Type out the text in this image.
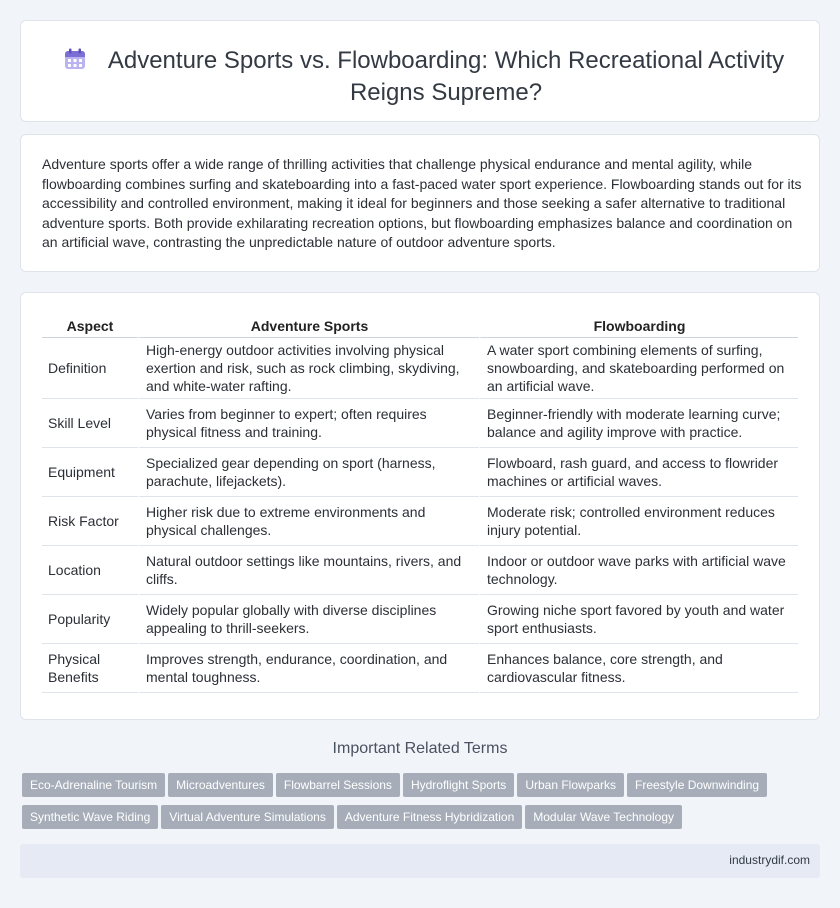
Adventure Sports vs. Flowboarding: Which Recreational Activity Reigns Supreme?

Adventure sports offer a wide range of thrilling activities that challenge physical endurance and mental agility, while flowboarding combines surfing and skateboarding into a fast-paced water sport experience. Flowboarding stands out for its accessibility and controlled environment, making it ideal for beginners and those seeking a safer alternative to traditional adventure sports. Both provide exhilarating recreation options, but flowboarding emphasizes balance and coordination on an artificial wave, contrasting the unpredictable nature of outdoor adventure sports.

Aspect	Adventure Sports	Flowboarding
Definition	High-energy outdoor activities involving physical exertion and risk, such as rock climbing, skydiving, and white-water rafting.	A water sport combining elements of surfing, snowboarding, and skateboarding performed on an artificial wave.
Skill Level	Varies from beginner to expert; often requires physical fitness and training.	Beginner-friendly with moderate learning curve; balance and agility improve with practice.
Equipment	Specialized gear depending on sport (harness, parachute, lifejackets).	Flowboard, rash guard, and access to flowrider machines or artificial waves.
Risk Factor	Higher risk due to extreme environments and physical challenges.	Moderate risk; controlled environment reduces injury potential.
Location	Natural outdoor settings like mountains, rivers, and cliffs.	Indoor or outdoor wave parks with artificial wave technology.
Popularity	Widely popular globally with diverse disciplines appealing to thrill-seekers.	Growing niche sport favored by youth and water sport enthusiasts.
Physical Benefits	Improves strength, endurance, coordination, and mental toughness.	Enhances balance, core strength, and cardiovascular fitness.
Important Related Terms
Eco-Adrenaline Tourism Microadventures Flowbarrel Sessions Hydroflight Sports Urban Flowparks Freestyle Downwinding
Synthetic Wave Riding Virtual Adventure Simulations Adventure Fitness Hybridization Modular Wave Technology
industrydif.com
